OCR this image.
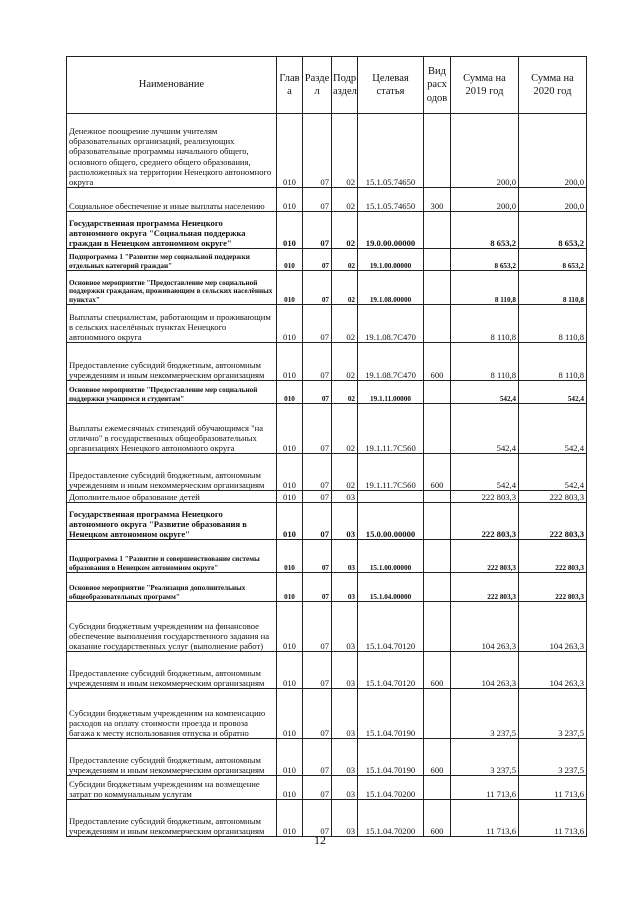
Наименование	Глав а	Разде л	Подр аздел	Целевая статья	Вид расх одов	Сумма на 2019 год	Сумма на 2020 год
Денежное поощрение лучшим учителям образовательных организаций, реализующих образовательные программы начального общего, основного общего, среднего общего образования, расположенных на территории Ненецкого автономного округа	010	07	02	15.1.05.74650		200,0	200,0
Социальное обеспечение и иные выплаты населению	010	07	02	15.1.05.74650	300	200,0	200,0
Государственная программа Ненецкого автономного округа "Социальная поддержка граждан в Ненецком автономном округе"	010	07	02	19.0.00.00000		8 653,2	8 653,2
Подпрограмма 1 "Развитие мер социальной поддержки отдельных категорий граждан"	010	07	02	19.1.00.00000		8 653,2	8 653,2
Основное мероприятие "Предоставление мер социальной поддержки гражданам, проживающим в сельских населённых пунктах"	010	07	02	19.1.08.00000		8 110,8	8 110,8
Выплаты специалистам, работающим и проживающим в сельских населённых пунктах Ненецкого автономного округа	010	07	02	19.1.08.7С470		8 110,8	8 110,8
Предоставление субсидий бюджетным, автономным учреждениям и иным некоммерческим организациям	010	07	02	19.1.08.7С470	600	8 110,8	8 110,8
Основное мероприятие "Предоставление мер социальной поддержки учащимся и студентам"	010	07	02	19.1.11.00000		542,4	542,4
Выплаты ежемесячных стипендий обучающимся "на отлично" в государственных общеобразовательных организациях Ненецкого автономного округа	010	07	02	19.1.11.7С560		542,4	542,4
Предоставление субсидий бюджетным, автономным учреждениям и иным некоммерческим организациям	010	07	02	19.1.11.7С560	600	542,4	542,4
Дополнительное образование детей	010	07	03			222 803,3	222 803,3
Государственная программа Ненецкого автономного округа "Развитие образования в Ненецком автономном округе"	010	07	03	15.0.00.00000		222 803,3	222 803,3
Подпрограмма 1 "Развитие и совершенствование системы образования в Ненецком автономном округе"	010	07	03	15.1.00.00000		222 803,3	222 803,3
Основное мероприятие "Реализация дополнительных общеобразовательных программ"	010	07	03	15.1.04.00000		222 803,3	222 803,3
Субсидии бюджетным учреждениям на финансовое обеспечение выполнения государственного задания на оказание государственных услуг (выполнение работ)	010	07	03	15.1.04.70120		104 263,3	104 263,3
Предоставление субсидий бюджетным, автономным учреждениям и иным некоммерческим организациям	010	07	03	15.1.04.70120	600	104 263,3	104 263,3
Субсидии бюджетным учреждениям на компенсацию расходов на оплату стоимости проезда и провоза багажа к месту использования отпуска и обратно	010	07	03	15.1.04.70190		3 237,5	3 237,5
Предоставление субсидий бюджетным, автономным учреждениям и иным некоммерческим организациям	010	07	03	15.1.04.70190	600	3 237,5	3 237,5
Субсидии бюджетным учреждениям на возмещение затрат по коммунальным услугам	010	07	03	15.1.04.70200		11 713,6	11 713,6
Предоставление субсидий бюджетным, автономным учреждениям и иным некоммерческим организациям	010	07	03	15.1.04.70200	600	11 713,6	11 713,6
12
